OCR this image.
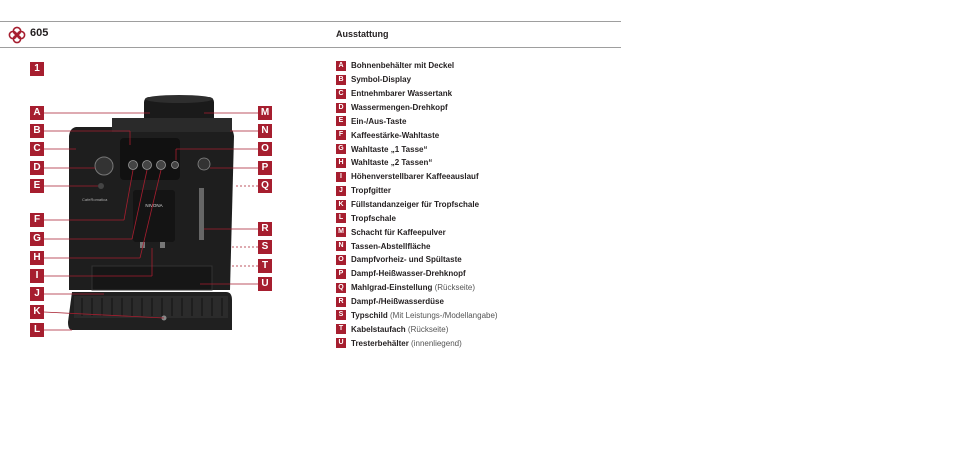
605	Ausstattung
1
NIVONA
CafeRomatica
A
B
C
D
E
F
G
H
I
J
K
L
M
N
O
P
Q
R
S
T
U
A Bohnenbehälter mit Deckel
B Symbol-Display
C Entnehmbarer Wassertank
D Wassermengen-Drehkopf
E Ein-/Aus-Taste
F Kaffeestärke-Wahltaste
G Wahltaste „1 Tasse“
H Wahltaste „2 Tassen“
I	Höhenverstellbarer Kaffeeauslauf
J	Tropfgitter
K Füllstandanzeiger für Tropfschale
L Tropfschale
M Schacht für Kaffeepulver
N Tassen-Abstellfläche
O Dampfvorheiz- und Spültaste
P Dampf-Heißwasser-Drehknopf
Q Mahlgrad-Einstellung (Rückseite)
R Dampf-/Heißwasserdüse
S Typschild (Mit Leistungs-/Modellangabe)
T Kabelstaufach (Rückseite)
U Tresterbehälter (innenliegend)
